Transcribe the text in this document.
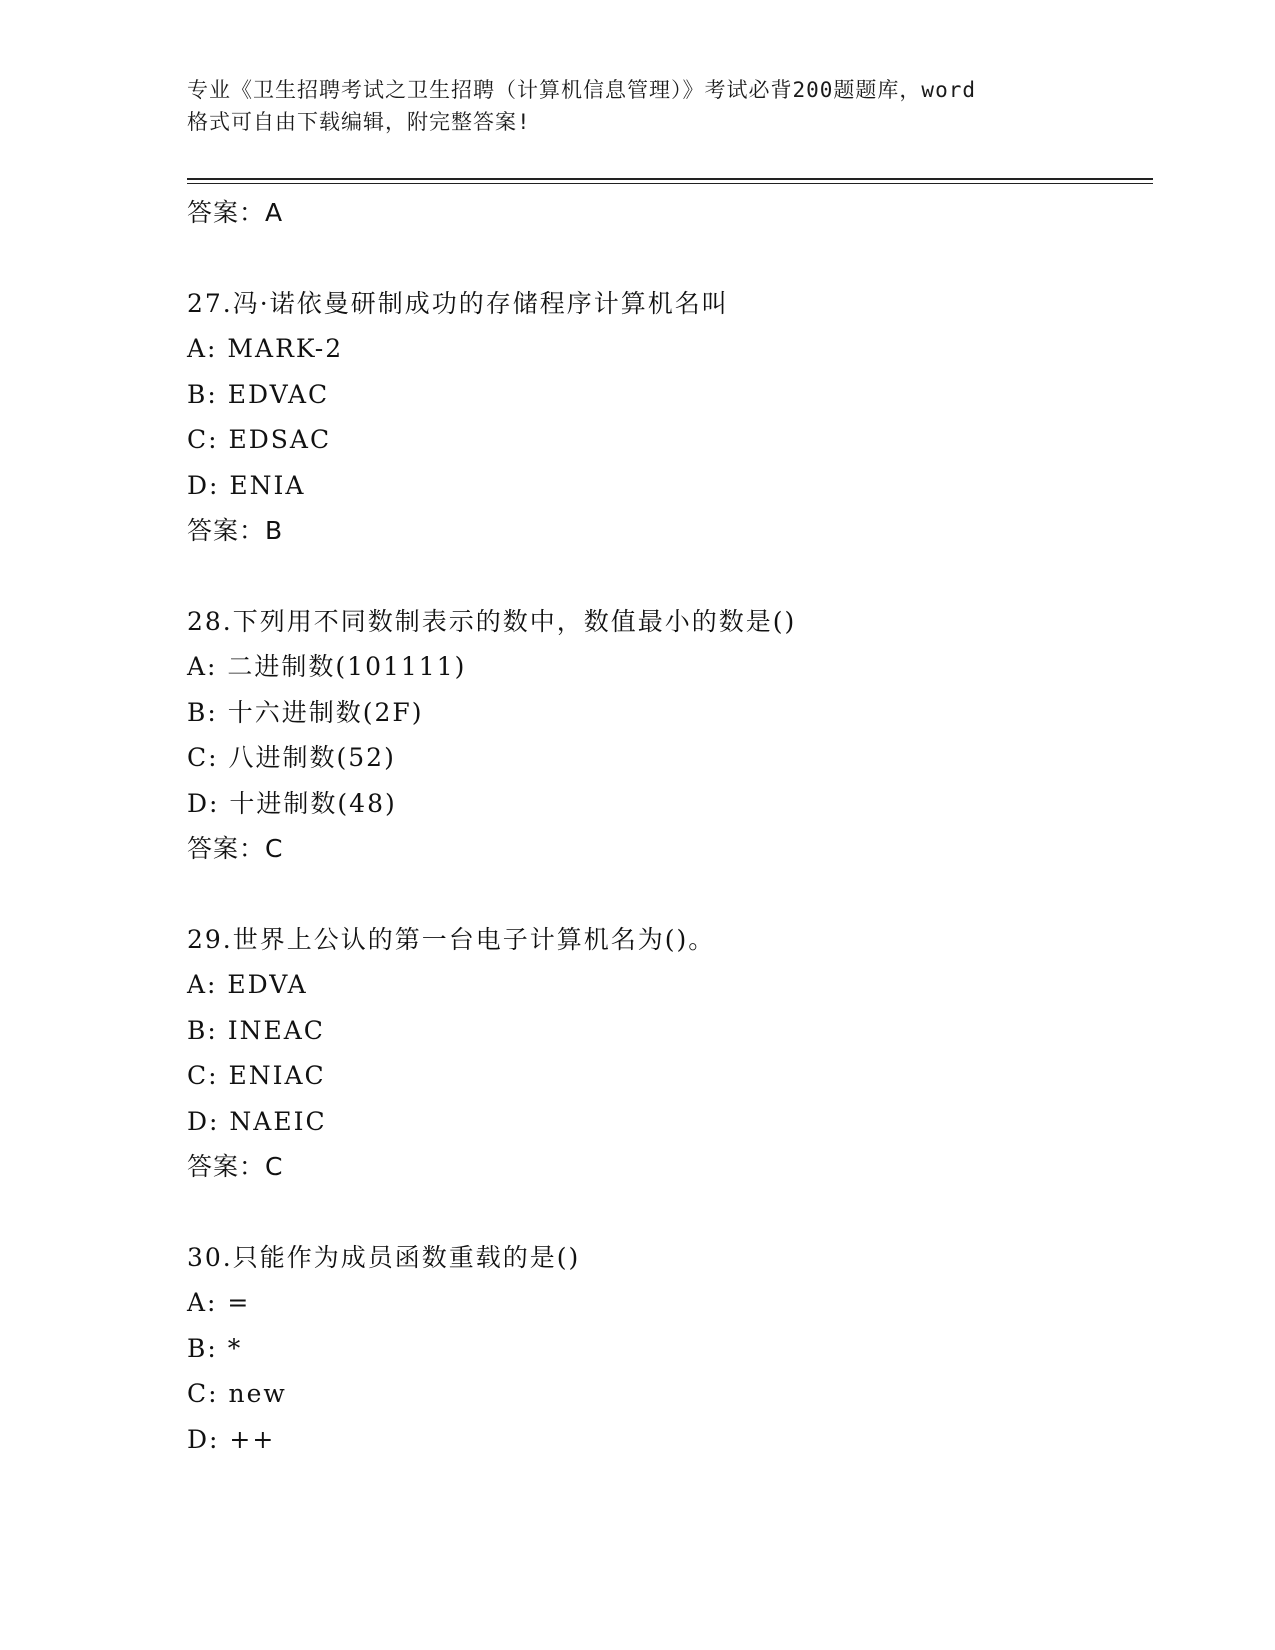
专业《卫生招聘考试之卫生招聘（计算机信息管理）》考试必背200题题库，word
格式可自由下载编辑，附完整答案!
答案：A
27.冯·诺依曼研制成功的存储程序计算机名叫
A: MARK-2
B: EDVAC
C: EDSAC
D: ENIA
答案：B
28.下列用不同数制表示的数中，数值最小的数是()
A: 二进制数(101111)
B: 十六进制数(2F)
C: 八进制数(52)
D: 十进制数(48)
答案：C
29.世界上公认的第一台电子计算机名为()。
A: EDVA
B: INEAC
C: ENIAC
D: NAEIC
答案：C
30.只能作为成员函数重载的是()
A: =
B: *
C: new
D: ++
